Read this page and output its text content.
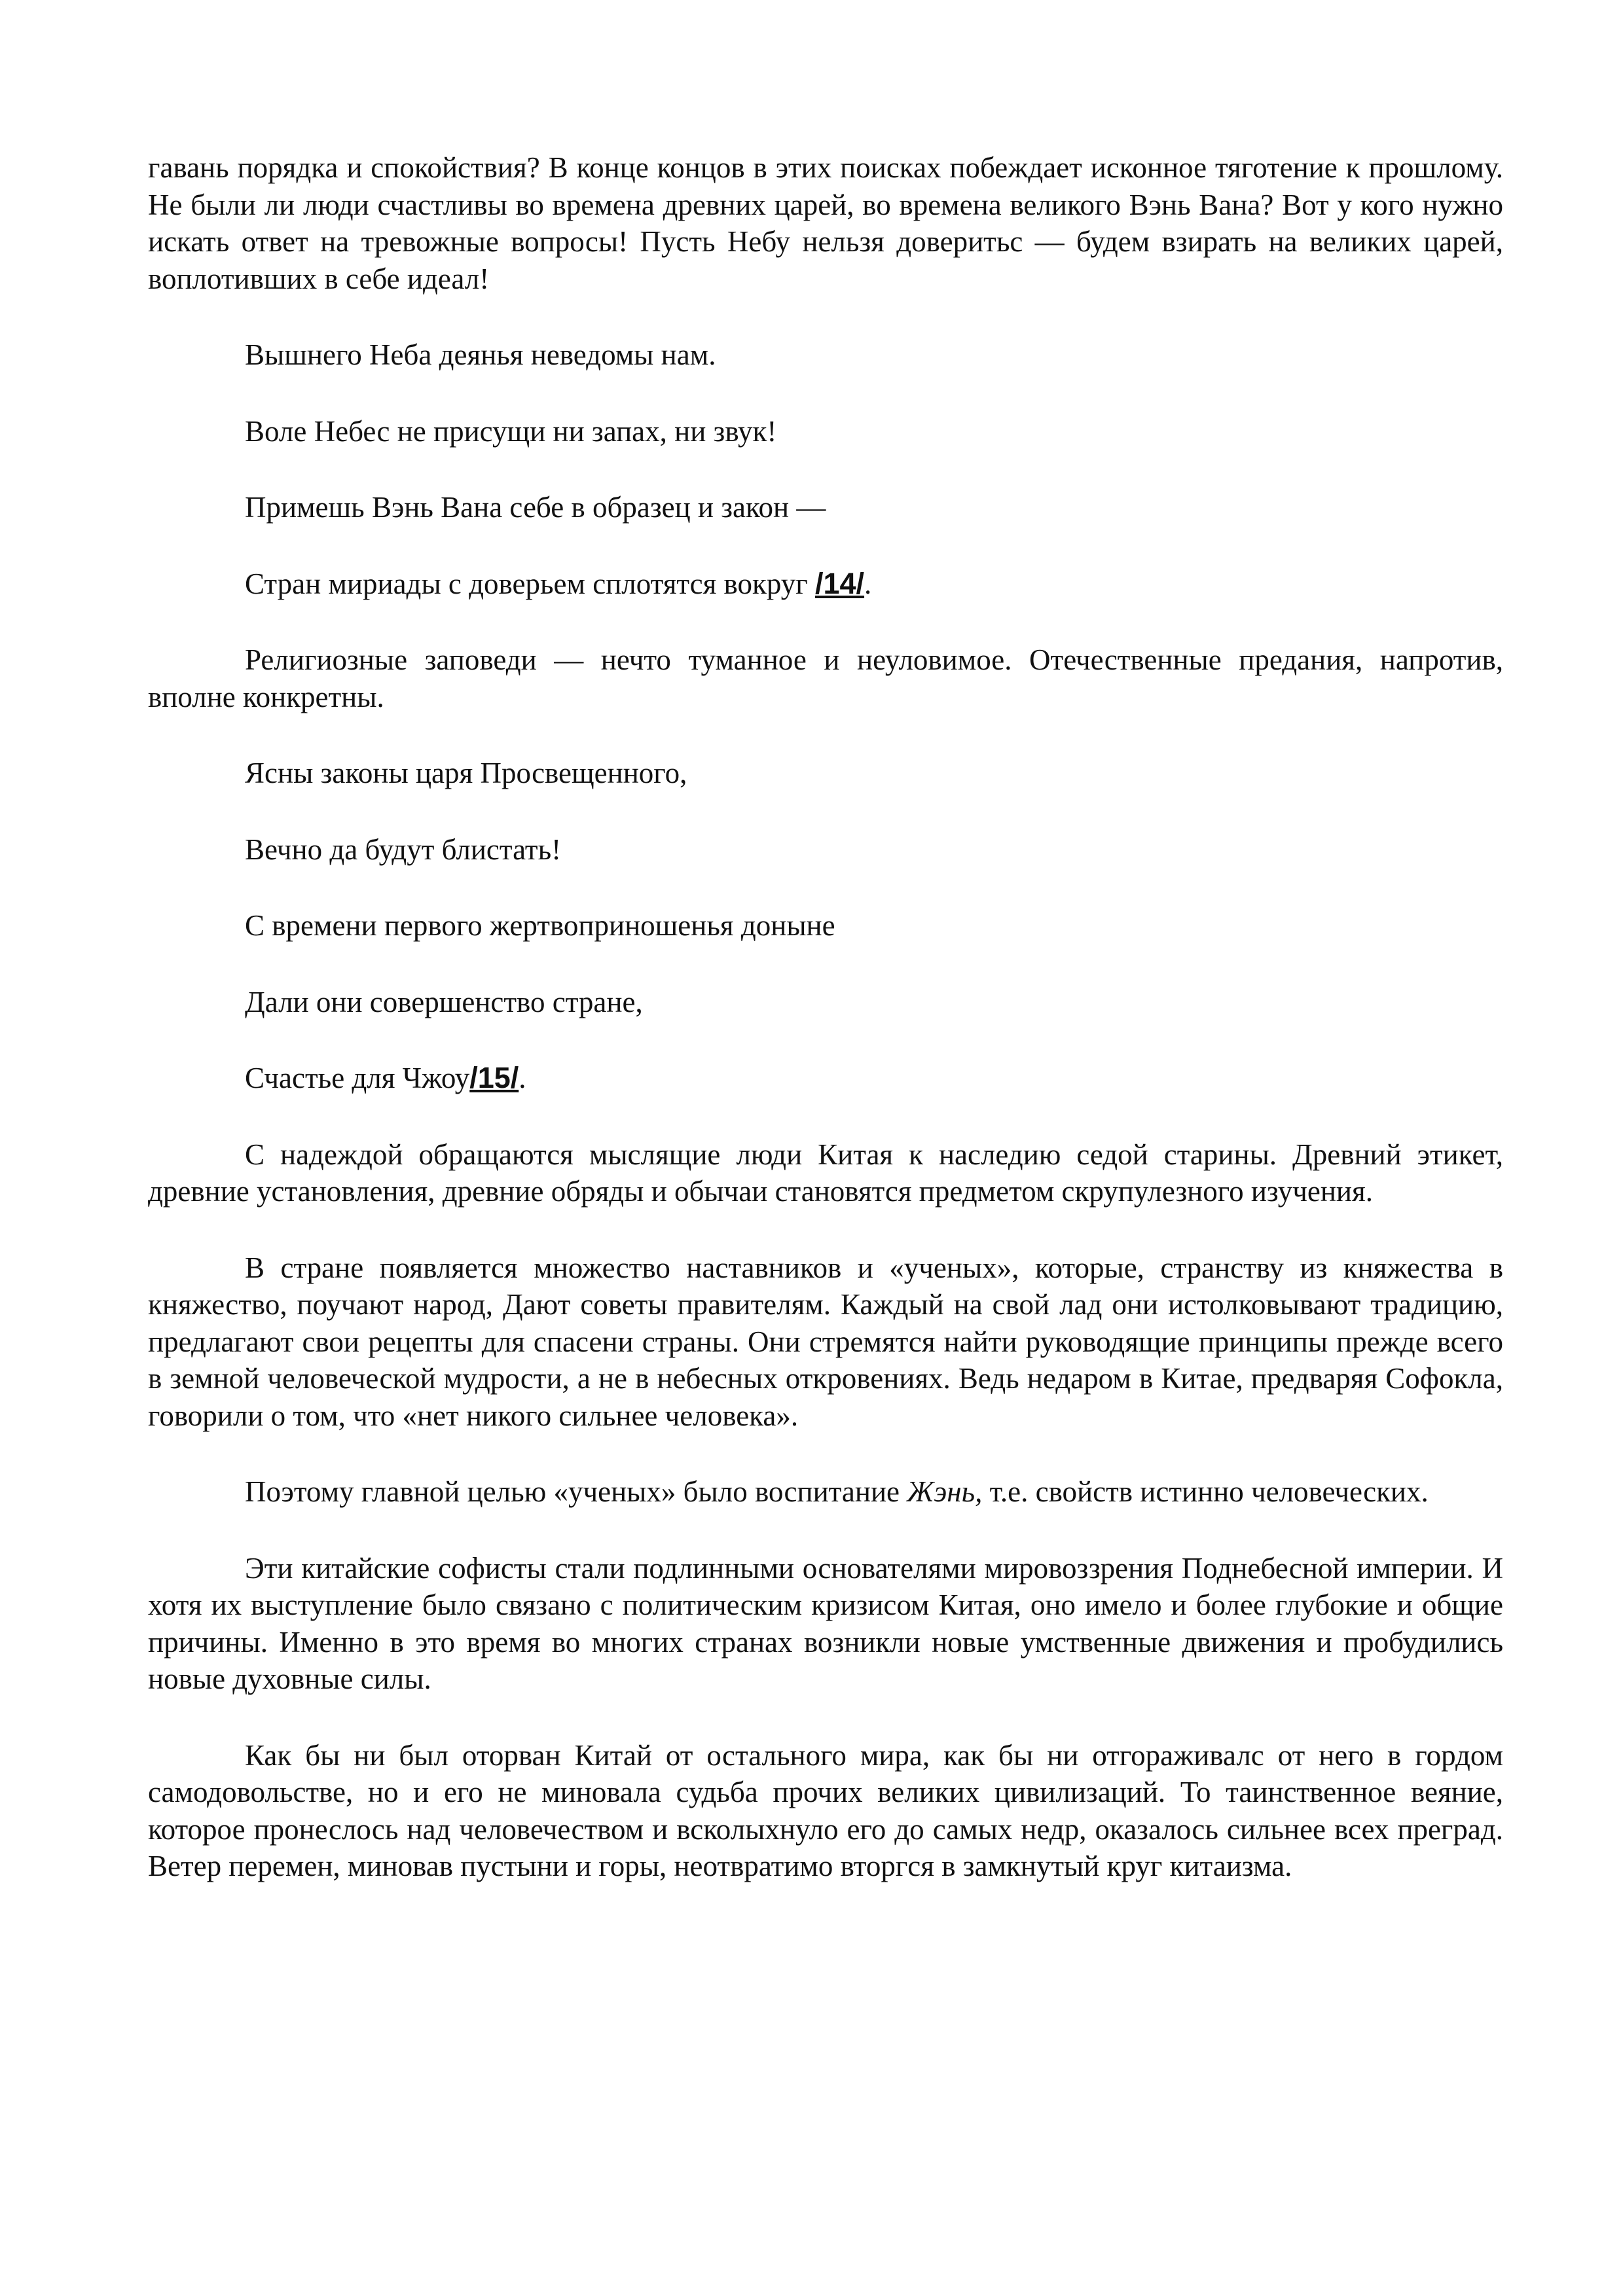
гавань порядка и спокойствия? В конце концов в этих поисках побеждает исконное тяготение к прошлому. Не были ли люди счастливы во времена древних царей, во времена великого Вэнь Вана? Вот у кого нужно искать ответ на тревожные вопросы! Пусть Небу нельзя доверитьс — будем взирать на великих царей, воплотивших в себе идеал!

Вышнего Неба деянья неведомы нам.
Воле Небес не присущи ни запах, ни звук!
Примешь Вэнь Вана себе в образец и закон —
Стран мириады с доверьем сплотятся вокруг /14/.

Религиозные заповеди — нечто туманное и неуловимое. Отечественные предания, напротив, вполне конкретны.

Ясны законы царя Просвещенного,
Вечно да будут блистать!
С времени первого жертвоприношенья доныне
Дали они совершенство стране,
Счастье для Чжоу/15/.

С надеждой обращаются мыслящие люди Китая к наследию седой старины. Древний этикет, древние установления, древние обряды и обычаи становятся предметом скрупулезного изучения.

В стране появляется множество наставников и «ученых», которые, странству из княжества в княжество, поучают народ, Дают советы правителям. Каждый на свой лад они истолковывают традицию, предлагают свои рецепты для спасени страны. Они стремятся найти руководящие принципы прежде всего в земной человеческой мудрости, а не в небесных откровениях. Ведь недаром в Китае, предваряя Софокла, говорили о том, что «нет никого сильнее человека».

Поэтому главной целью «ученых» было воспитание Жэнь, т.е. свойств истинно человеческих.

Эти китайские софисты стали подлинными основателями мировоззрения Поднебесной империи. И хотя их выступление было связано с политическим кризисом Китая, оно имело и более глубокие и общие причины. Именно в это время во многих странах возникли новые умственные движения и пробудились новые духовные силы.

Как бы ни был оторван Китай от остального мира, как бы ни отгораживалс от него в гордом самодовольстве, но и его не миновала судьба прочих великих цивилизаций. То таинственное веяние, которое пронеслось над человечеством и всколыхнуло его до самых недр, оказалось сильнее всех преград. Ветер перемен, миновав пустыни и горы, неотвратимо вторгся в замкнутый круг китаизма.
